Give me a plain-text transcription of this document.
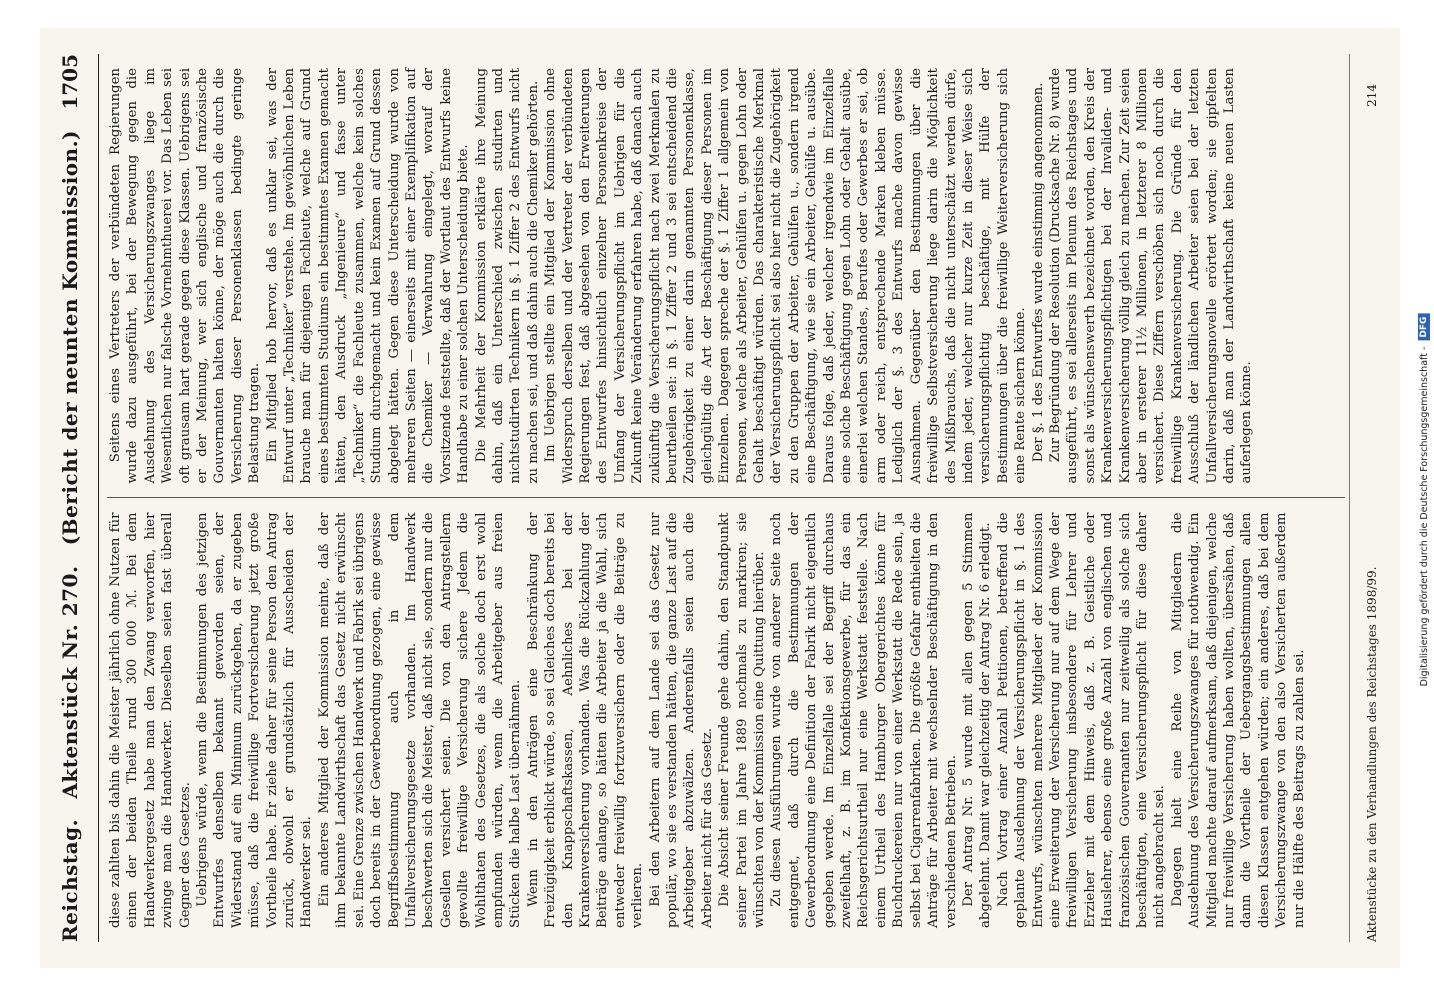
Reichstag.
Aktenstück Nr. 270.
(Bericht der neunten Kommission.)
1705

diese zahlten bis dahin die Meister jährlich ohne Nutzen für einen der beiden Theile rund 300 000 ℳ. Bei dem Handwerkergesetz habe man den Zwang verworfen, hier zwinge man die Handwerker. Dieselben seien fast überall Gegner des Gesetzes. Uebrigens würde, wenn die Bestimmungen des jetzigen Entwurfes denselben bekannt geworden seien, der Widerstand auf ein Minimum zurückgehen, da er zugeben müsse, daß die freiwillige Fortversicherung jetzt große Vortheile habe. Er ziehe daher für seine Person den Antrag zurück, obwohl er grundsätzlich für Ausscheiden der Handwerker sei. Ein anderes Mitglied der Kommission meinte, daß der ihm bekannte Landwirthschaft das Gesetz nicht erwünscht sei. Eine Grenze zwischen Handwerk und Fabrik sei übrigens doch bereits in der Gewerbeordnung gezogen, eine gewisse Begriffsbestimmung auch in dem Unfallversicherungsgesetze vorhanden. Im Handwerk beschwerten sich die Meister, daß nicht sie, sondern nur die Gesellen versichert seien. Die von den Antragstellern gewollte freiwillige Versicherung sichere Jedem die Wohlthaten des Gesetzes, die als solche doch erst wohl empfunden würden, wenn die Arbeitgeber aus freien Stücken die halbe Last übernähmen. Wenn in den Anträgen eine Beschränkung der Freizügigkeit erblickt würde, so sei Gleiches doch bereits bei den Knappschaftskassen, Aehnliches bei der Krankenversicherung vorhanden. Was die Rückzahlung der Beiträge anlange, so hätten die Arbeiter ja die Wahl, sich entweder freiwillig fortzuversichern oder die Beiträge zu verlieren. Bei den Arbeitern auf dem Lande sei das Gesetz nur populär, wo sie es verstanden hätten, die ganze Last auf die Arbeitgeber abzuwälzen. Anderenfalls seien auch die Arbeiter nicht für das Gesetz. Die Absicht seiner Freunde gehe dahin, den Standpunkt seiner Partei im Jahre 1889 nochmals zu markiren; sie wünschten von der Kommission eine Quittung hierüber. Zu diesen Ausführungen wurde von anderer Seite noch entgegnet, daß durch die Bestimmungen der Gewerbeordnung eine Definition der Fabrik nicht eigentlich gegeben werde. Im Einzelfalle sei der Begriff durchaus zweifelhaft, z. B. im Konfektionsgewerbe, für das ein Reichsgerichtsurtheil nur eine Werkstatt feststelle. Nach einem Urtheil des Hamburger Obergerichtes könne für Buchdruckereien nur von einer Werkstatt die Rede sein, ja selbst bei Cigarrenfabriken. Die größte Gefahr enthielten die Anträge für Arbeiter mit wechselnder Beschäftigung in den verschiedenen Betrieben. Der Antrag Nr. 5 wurde mit allen gegen 5 Stimmen abgelehnt. Damit war gleichzeitig der Antrag Nr. 6 erledigt. Nach Vortrag einer Anzahl Petitionen, betreffend die geplante Ausdehnung der Versicherungspflicht in §. 1 des Entwurfs, wünschten mehrere Mitglieder der Kommission eine Erweiterung der Versicherung nur auf dem Wege der freiwilligen Versicherung insbesondere für Lehrer und Erzieher mit dem Hinweis, daß z. B. Geistliche oder Hauslehrer, ebenso eine große Anzahl von englischen und französischen Gouvernanten nur zeitweilig als solche sich beschäftigten, eine Versicherungspflicht für diese daher nicht angebracht sei. Dagegen hielt eine Reihe von Mitgliedern die Ausdehnung des Versicherungszwanges für nothwendig. Ein Mitglied machte darauf aufmerksam, daß diejenigen, welche nur freiwillige Versicherung haben wollten, übersähen, daß dann die Vortheile der Uebergangsbestimmungen allen diesen Klassen entgehen würden; ein anderes, daß bei dem Versicherungszwange von den also Versicherten außerdem nur die Hälfte des Beitrags zu zahlen sei.

Seitens eines Vertreters der verbündeten Regierungen wurde dazu ausgeführt, bei der Bewegung gegen die Ausdehnung des Versicherungszwanges liege im Wesentlichen nur falsche Vornehmthuerei vor. Das Leben sei oft grausam hart gerade gegen diese Klassen. Uebrigens sei er der Meinung, wer sich englische und französische Gouvernanten halten könne, der möge auch die durch die Versicherung dieser Personenklassen bedingte geringe Belastung tragen. Ein Mitglied hob hervor, daß es unklar sei, was der Entwurf unter „Techniker“ verstehe. Im gewöhnlichen Leben brauche man für diejenigen Fachleute, welche auf Grund eines bestimmten Studiums ein bestimmtes Examen gemacht hätten, den Ausdruck „Ingenieure“ und fasse unter „Techniker“ die Fachleute zusammen, welche kein solches Studium durchgemacht und kein Examen auf Grund dessen abgelegt hätten. Gegen diese Unterscheidung wurde von mehreren Seiten — einerseits mit einer Exemplifikation auf die Chemiker — Verwahrung eingelegt, worauf der Vorsitzende feststellte, daß der Wortlaut des Entwurfs keine Handhabe zu einer solchen Unterscheidung biete. Die Mehrheit der Kommission erklärte ihre Meinung dahin, daß ein Unterschied zwischen studirten und nichtstudirten Technikern in §. 1 Ziffer 2 des Entwurfs nicht zu machen sei, und daß dahin auch die Chemiker gehörten. Im Uebrigen stellte ein Mitglied der Kommission ohne Widerspruch derselben und der Vertreter der verbündeten Regierungen fest, daß abgesehen von den Erweiterungen des Entwurfes hinsichtlich einzelner Personenkreise der Umfang der Versicherungspflicht im Uebrigen für die Zukunft keine Veränderung erfahren habe, daß danach auch zukünftig die Versicherungspflicht nach zwei Merkmalen zu beurtheilen sei: in §. 1 Ziffer 2 und 3 sei entscheidend die Zugehörigkeit zu einer darin genannten Personenklasse, gleichgültig die Art der Beschäftigung dieser Personen im Einzelnen. Dagegen spreche der §. 1 Ziffer 1 allgemein von Personen, welche als Arbeiter, Gehülfen u. gegen Lohn oder Gehalt beschäftigt würden. Das charakteristische Merkmal der Versicherungspflicht sei also hier nicht die Zugehörigkeit zu den Gruppen der Arbeiter, Gehülfen u., sondern irgend eine Beschäftigung, wie sie ein Arbeiter, Gehülfe u. ausübe. Daraus folge, daß jeder, welcher irgendwie im Einzelfalle eine solche Beschäftigung gegen Lohn oder Gehalt ausübe, einerlei welchen Standes, Berufes oder Gewerbes er sei, ob arm oder reich, entsprechende Marken kleben müsse. Lediglich der §. 3 des Entwurfs mache davon gewisse Ausnahmen. Gegenüber den Bestimmungen über die freiwillige Selbstversicherung liege darin die Möglichkeit des Mißbrauchs, daß die nicht unterschätzt werden dürfe, indem jeder, welcher nur kurze Zeit in dieser Weise sich versicherungspflichtig beschäftige, mit Hülfe der Bestimmungen über die freiwillige Weiterversicherung sich eine Rente sichern könne. Der §. 1 des Entwurfes wurde einstimmig angenommen. Zur Begründung der Resolution (Drucksache Nr. 8) wurde ausgeführt, es sei allerseits im Plenum des Reichstages und sonst als wünschenswerth bezeichnet worden, den Kreis der Krankenversicherungspflichtigen bei der Invaliden- und Krankenversicherung völlig gleich zu machen. Zur Zeit seien aber in ersterer 11½ Millionen, in letzterer 8 Millionen versichert. Diese Ziffern verschöben sich noch durch die freiwillige Krankenversicherung. Die Gründe für den Ausschluß der ländlichen Arbeiter seien bei der letzten Unfallversicherungsnovelle erörtert worden; sie gipfelten darin, daß man der Landwirthschaft keine neuen Lasten auferlegen könne.

Aktenstücke zu den Verhandlungen des Reichstages 1898/99.
214
Digitalisierung gefördert durch die Deutsche Forschungsgemeinschaft -
DFG
